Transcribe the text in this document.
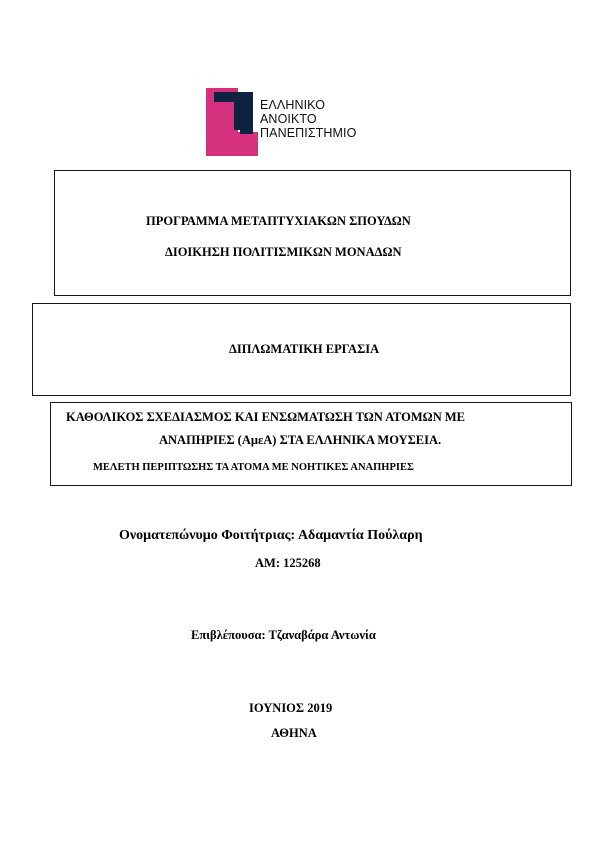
ΕΛΛΗΝΙΚΟ
ΑΝΟΙΚΤΟ
ΠΑΝΕΠΙΣΤΗΜΙΟ
ΠΡΟΓΡΑΜΜΑ ΜΕΤΑΠΤΥΧΙΑΚΩΝ ΣΠΟΥΔΩΝ
ΔΙΟΙΚΗΣΗ ΠΟΛΙΤΙΣΜΙΚΩΝ ΜΟΝΑΔΩΝ
ΔΙΠΛΩΜΑΤΙΚΗ ΕΡΓΑΣΙΑ
ΚΑΘΟΛΙΚΟΣ ΣΧΕΔΙΑΣΜΟΣ ΚΑΙ ΕΝΣΩΜΑΤΩΣΗ ΤΩΝ ΑΤΟΜΩΝ ΜΕ
ΑΝΑΠΗΡΙΕΣ (ΑμεΑ) ΣΤΑ ΕΛΛΗΝΙΚΑ ΜΟΥΣΕΙΑ.
ΜΕΛΕΤΗ ΠΕΡΙΠΤΩΣΗΣ ΤΑ ΑΤΟΜΑ ΜΕ ΝΟΗΤΙΚΕΣ ΑΝΑΠΗΡΙΕΣ
Ονοματεπώνυμο Φοιτήτριας: Αδαμαντία Πούλαρη
ΑΜ: 125268
Επιβλέπουσα: Τζαναβάρα Αντωνία
ΙΟΥΝΙΟΣ 2019
ΑΘΗΝΑ
